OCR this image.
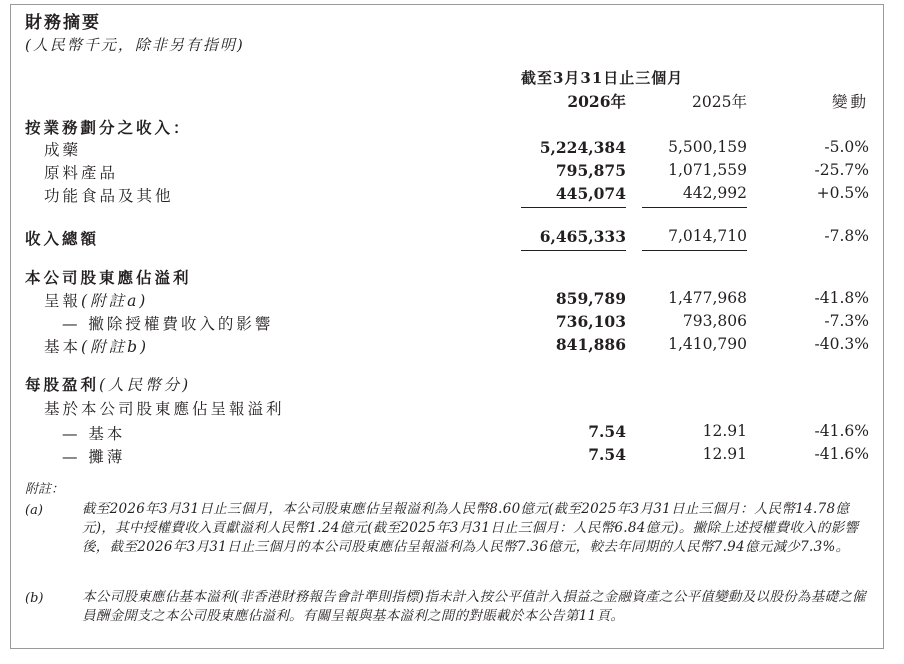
財務摘要
(人民幣千元，除非另有指明)
截至3月31日止三個月
2026年	2025年	變動
按業務劃分之收入：
成藥	5,224,384	5,500,159	-5.0%
原料產品	795,875	1,071,559	-25.7%
功能食品及其他	445,074	442,992	+0.5%
收入總額	6,465,333	7,014,710	-7.8%
本公司股東應佔溢利
呈報(附註a)	859,789	1,477,968	-41.8%
— 撇除授權費收入的影響	736,103	793,806	-7.3%
基本(附註b)	841,886	1,410,790	-40.3%
每股盈利(人民幣分)
基於本公司股東應佔呈報溢利
— 基本	7.54	12.91	-41.6%
— 攤薄	7.54	12.91	-41.6%
附註：
(a)	截至2026年3月31日止三個月，本公司股東應佔呈報溢利為人民幣8.60億元(截至2025年3月31日止三個月：人民幣14.78億元)，其中授權費收入貢獻溢利人民幣1.24億元(截至2025年3月31日止三個月：人民幣6.84億元)。撇除上述授權費收入的影響後，截至2026年3月31日止三個月的本公司股東應佔呈報溢利為人民幣7.36億元，較去年同期的人民幣7.94億元減少7.3%。
(b)	本公司股東應佔基本溢利(非香港財務報告會計準則指標)指未計入按公平值計入損益之金融資產之公平值變動及以股份為基礎之僱員酬金開支之本公司股東應佔溢利。有關呈報與基本溢利之間的對賬載於本公告第11頁。
